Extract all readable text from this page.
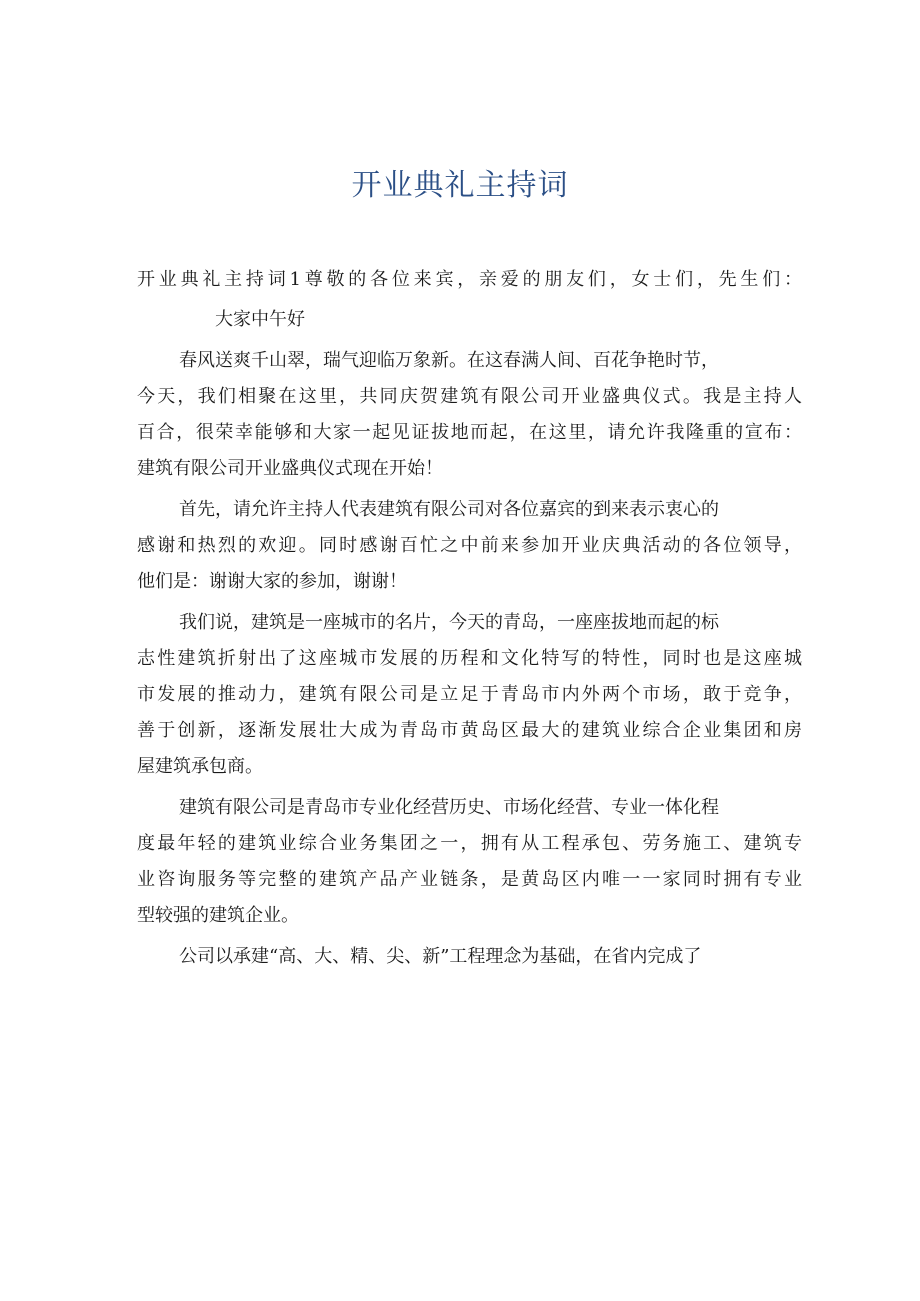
开业典礼主持词
开业典礼主持词1尊敬的各位来宾，亲爱的朋友们，女士们，先生们：
大家中午好
春风送爽千山翠，瑞气迎临万象新。在这春满人间、百花争艳时节，
今天，我们相聚在这里，共同庆贺建筑有限公司开业盛典仪式。我是主持人
百合，很荣幸能够和大家一起见证拔地而起，在这里，请允许我隆重的宣布：
建筑有限公司开业盛典仪式现在开始！
首先，请允许主持人代表建筑有限公司对各位嘉宾的到来表示衷心的
感谢和热烈的欢迎。同时感谢百忙之中前来参加开业庆典活动的各位领导，
他们是：谢谢大家的参加，谢谢！
我们说，建筑是一座城市的名片，今天的青岛，一座座拔地而起的标
志性建筑折射出了这座城市发展的历程和文化特写的特性，同时也是这座城
市发展的推动力，建筑有限公司是立足于青岛市内外两个市场，敢于竞争，
善于创新，逐渐发展壮大成为青岛市黄岛区最大的建筑业综合企业集团和房
屋建筑承包商。
建筑有限公司是青岛市专业化经营历史、市场化经营、专业一体化程
度最年轻的建筑业综合业务集团之一，拥有从工程承包、劳务施工、建筑专
业咨询服务等完整的建筑产品产业链条，是黄岛区内唯一一家同时拥有专业
型较强的建筑企业。
公司以承建“高、大、精、尖、新”工程理念为基础，在省内完成了
